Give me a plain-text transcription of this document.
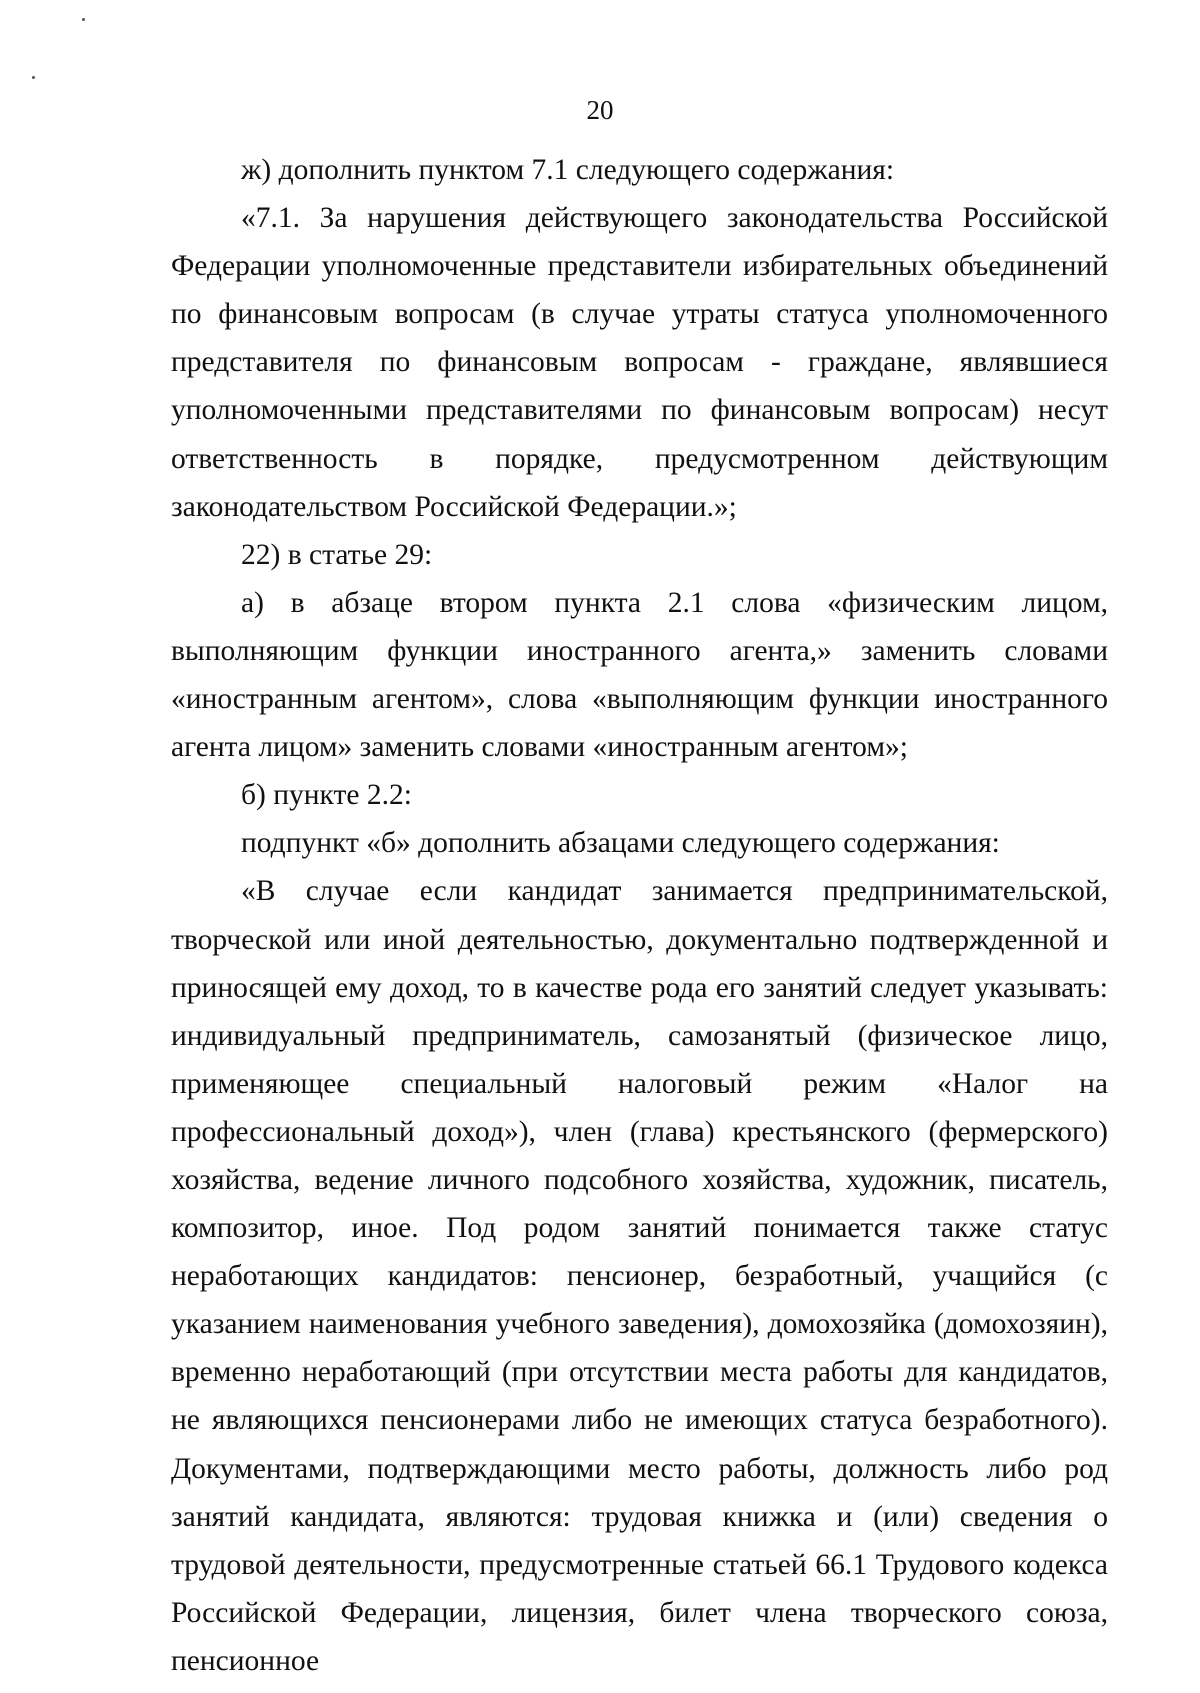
20

ж) дополнить пунктом 7.1 следующего содержания:

«7.1. За нарушения действующего законодательства Российской Федерации уполномоченные представители избирательных объединений по финансовым вопросам (в случае утраты статуса уполномоченного представителя по финансовым вопросам - граждане, являвшиеся уполномоченными представителями по финансовым вопросам) несут ответственность в порядке, предусмотренном действующим законодательством Российской Федерации.»;

22) в статье 29:

а) в абзаце втором пункта 2.1 слова «физическим лицом, выполняющим функции иностранного агента,» заменить словами «иностранным агентом», слова «выполняющим функции иностранного агента лицом» заменить словами «иностранным агентом»;

б) пункте 2.2:

подпункт «б» дополнить абзацами следующего содержания:

«В случае если кандидат занимается предпринимательской, творческой или иной деятельностью, документально подтвержденной и приносящей ему доход, то в качестве рода его занятий следует указывать: индивидуальный предприниматель, самозанятый (физическое лицо, применяющее специальный налоговый режим «Налог на профессиональный доход»), член (глава) крестьянского (фермерского) хозяйства, ведение личного подсобного хозяйства, художник, писатель, композитор, иное. Под родом занятий понимается также статус неработающих кандидатов: пенсионер, безработный, учащийся (с указанием наименования учебного заведения), домохозяйка (домохозяин), временно неработающий (при отсутствии места работы для кандидатов, не являющихся пенсионерами либо не имеющих статуса безработного). Документами, подтверждающими место работы, должность либо род занятий кандидата, являются: трудовая книжка и (или) сведения о трудовой деятельности, предусмотренные статьей 66.1 Трудового кодекса Российской Федерации, лицензия, билет члена творческого союза, пенсионное
